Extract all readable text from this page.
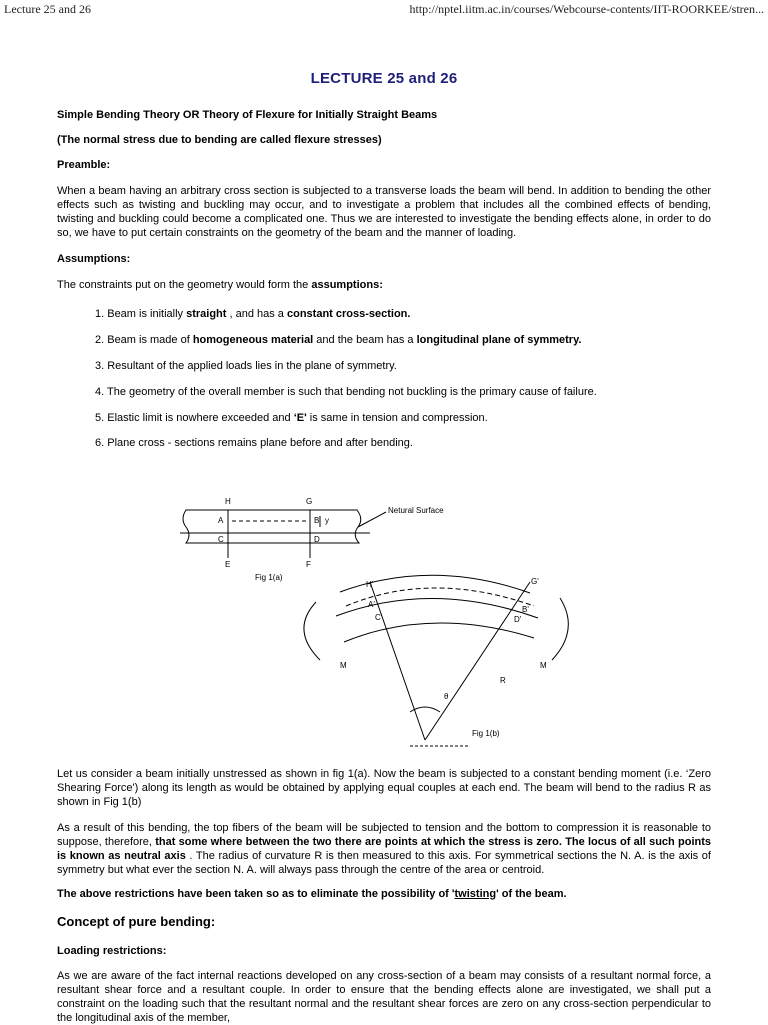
Lecture 25 and 26	http://nptel.iitm.ac.in/courses/Webcourse-contents/IIT-ROORKEE/stren...
LECTURE 25 and 26

Simple Bending Theory OR Theory of Flexure for Initially Straight Beams

(The normal stress due to bending are called flexure stresses)

Preamble:

When a beam having an arbitrary cross section is subjected to a transverse loads the beam will bend. In addition to bending the other effects such as twisting and buckling may occur, and to investigate a problem that includes all the combined effects of bending, twisting and buckling could become a complicated one. Thus we are interested to investigate the bending effects alone, in order to do so, we have to put certain constraints on the geometry of the beam and the manner of loading.

Assumptions:

The constraints put on the geometry would form the assumptions:

1. Beam is initially straight , and has a constant cross-section.

2. Beam is made of homogeneous material and the beam has a longitudinal plane of symmetry.

3. Resultant of the applied loads lies in the plane of symmetry.

4. The geometry of the overall member is such that bending not buckling is the primary cause of failure.

5. Elastic limit is nowhere exceeded and ‘E' is same in tension and compression.

6. Plane cross - sections remains plane before and after bending.

H	G
A	B y
C	D
E	F
Netural Surface
Fig 1(a)
H'	G'
A'
B'
C'	D'
M	M
R
θ
Fig 1(b)

Let us consider a beam initially unstressed as shown in fig 1(a). Now the beam is subjected to a constant bending moment (i.e. ‘Zero Shearing Force') along its length as would be obtained by applying equal couples at each end. The beam will bend to the radius R as shown in Fig 1(b)

As a result of this bending, the top fibers of the beam will be subjected to tension and the bottom to compression it is reasonable to suppose, therefore, that some where between the two there are points at which the stress is zero. The locus of all such points is known as neutral axis . The radius of curvature R is then measured to this axis. For symmetrical sections the N. A. is the axis of symmetry but what ever the section N. A. will always pass through the centre of the area or centroid.

The above restrictions have been taken so as to eliminate the possibility of 'twisting' of the beam.

Concept of pure bending:

Loading restrictions:

As we are aware of the fact internal reactions developed on any cross-section of a beam may consists of a resultant normal force, a resultant shear force and a resultant couple. In order to ensure that the bending effects alone are investigated, we shall put a constraint on the loading such that the resultant normal and the resultant shear forces are zero on any cross-section perpendicular to the longitudinal axis of the member,
